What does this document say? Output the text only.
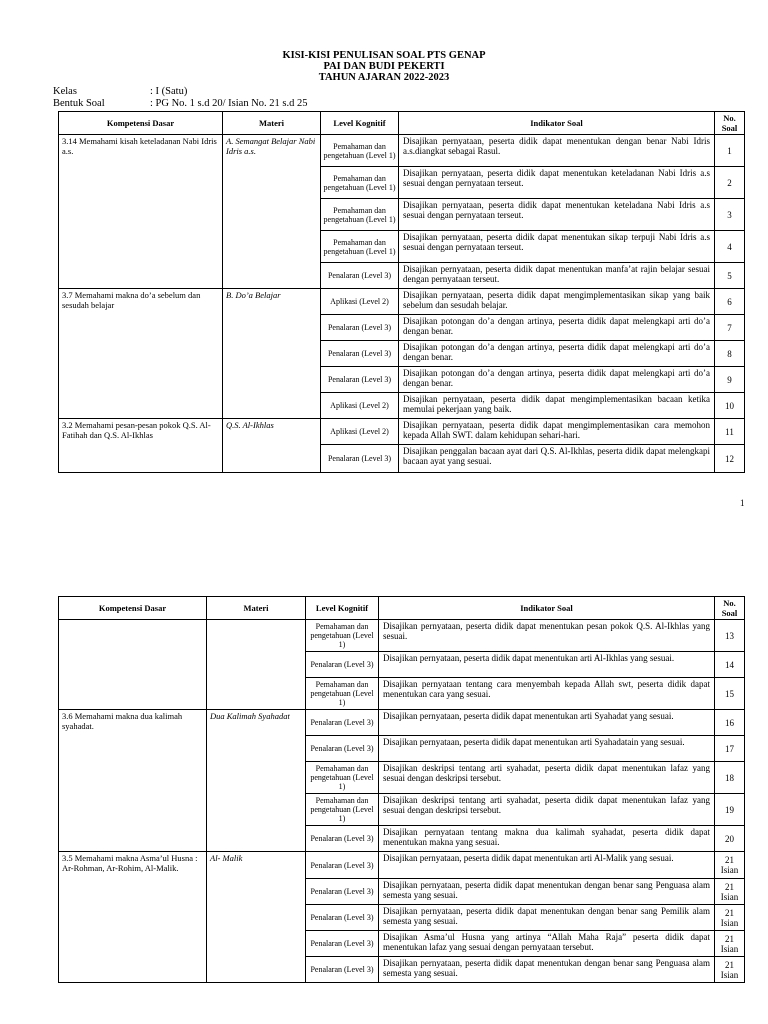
KISI-KISI PENULISAN SOAL PTS GENAP
PAI DAN BUDI PEKERTI
TAHUN AJARAN 2022-2023
Kelas	: I (Satu)
Bentuk Soal	: PG No. 1 s.d 20/ Isian No. 21 s.d 25
Kompetensi Dasar	Materi	Level Kognitif	Indikator Soal	No. Soal
3.14 Memahami kisah keteladanan Nabi Idris a.s.	A. Semangat Belajar Nabi Idris a.s.	Pemahaman dan pengetahuan (Level 1)	Disajikan pernyataan, peserta didik dapat menentukan dengan benar Nabi Idris a.s.diangkat sebagai Rasul.	1
		Pemahaman dan pengetahuan (Level 1)	Disajikan pernyataan, peserta didik dapat menentukan keteladanan Nabi Idris a.s sesuai dengan pernyataan terseut.	2
		Pemahaman dan pengetahuan (Level 1)	Disajikan pernyataan, peserta didik dapat menentukan keteladana Nabi Idris a.s sesuai dengan pernyataan terseut.	3
		Pemahaman dan pengetahuan (Level 1)	Disajikan pernyataan, peserta didik dapat menentukan sikap terpuji Nabi Idris a.s sesuai dengan pernyataan terseut.	4
		Penalaran (Level 3)	Disajikan pernyataan, peserta didik dapat menentukan manfa’at rajin belajar sesuai dengan pernyataan terseut.	5
3.7 Memahami makna do’a sebelum dan sesudah belajar	B. Do’a Belajar	Aplikasi (Level 2)	Disajikan pernyataan, peserta didik dapat mengimplementasikan sikap yang baik sebelum dan sesudah belajar.	6
		Penalaran (Level 3)	Disajikan potongan do’a dengan artinya, peserta didik dapat melengkapi arti do’a dengan benar.	7
		Penalaran (Level 3)	Disajikan potongan do’a dengan artinya, peserta didik dapat melengkapi arti do’a dengan benar.	8
		Penalaran (Level 3)	Disajikan potongan do’a dengan artinya, peserta didik dapat melengkapi arti do’a dengan benar.	9
		Aplikasi (Level 2)	Disajikan pernyataan, peserta didik dapat mengimplementasikan bacaan ketika memulai pekerjaan yang baik.	10
3.2 Memahami pesan-pesan pokok Q.S. Al-Fatihah dan Q.S. Al-Ikhlas	Q.S. Al-Ikhlas	Aplikasi (Level 2)	Disajikan pernyataan, peserta didik dapat mengimplementasikan cara memohon kepada Allah SWT. dalam kehidupan sehari-hari.	11
		Penalaran (Level 3)	Disajikan penggalan bacaan ayat dari Q.S. Al-Ikhlas, peserta didik dapat melengkapi bacaan ayat yang sesuai.	12
1
Kompetensi Dasar	Materi	Level Kognitif	Indikator Soal	No. Soal
		Pemahaman dan pengetahuan (Level 1)	Disajikan pernyataan, peserta didik dapat menentukan pesan pokok Q.S. Al-Ikhlas yang sesuai.	13
		Penalaran (Level 3)	Disajikan pernyataan, peserta didik dapat menentukan arti Al-Ikhlas yang sesuai.	14
		Pemahaman dan pengetahuan (Level 1)	Disajikan pernyataan tentang cara menyembah kepada Allah swt, peserta didik dapat menentukan cara yang sesuai.	15
3.6 Memahami makna dua kalimah syahadat.	Dua Kalimah Syahadat	Penalaran (Level 3)	Disajikan pernyataan, peserta didik dapat menentukan arti Syahadat yang sesuai.	16
		Penalaran (Level 3)	Disajikan pernyataan, peserta didik dapat menentukan arti Syahadatain yang sesuai.	17
		Pemahaman dan pengetahuan (Level 1)	Disajikan deskripsi tentang arti syahadat, peserta didik dapat menentukan lafaz yang sesuai dengan deskripsi tersebut.	18
		Pemahaman dan pengetahuan (Level 1)	Disajikan deskripsi tentang arti syahadat, peserta didik dapat menentukan lafaz yang sesuai dengan deskripsi tersebut.	19
		Penalaran (Level 3)	Disajikan pernyataan tentang makna dua kalimah syahadat, peserta didik dapat menentukan makna yang sesuai.	20
3.5 Memahami makna Asma’ul Husna : Ar-Rohman, Ar-Rohim, Al-Malik.	Al- Malik	Penalaran (Level 3)	Disajikan pernyataan, peserta didik dapat menentukan arti Al-Malik yang sesuai.	21 Isian
		Penalaran (Level 3)	Disajikan pernyataan, peserta didik dapat menentukan dengan benar sang Penguasa alam semesta yang sesuai.	21 Isian
		Penalaran (Level 3)	Disajikan pernyataan, peserta didik dapat menentukan dengan benar sang Pemilik alam semesta yang sesuai.	21 Isian
		Penalaran (Level 3)	Disajikan Asma’ul Husna yang artinya “Allah Maha Raja” peserta didik dapat menentukan lafaz yang sesuai dengan pernyataan tersebut.	21 Isian
		Penalaran (Level 3)	Disajikan pernyataan, peserta didik dapat menentukan dengan benar sang Penguasa alam semesta yang sesuai.	21 Isian
